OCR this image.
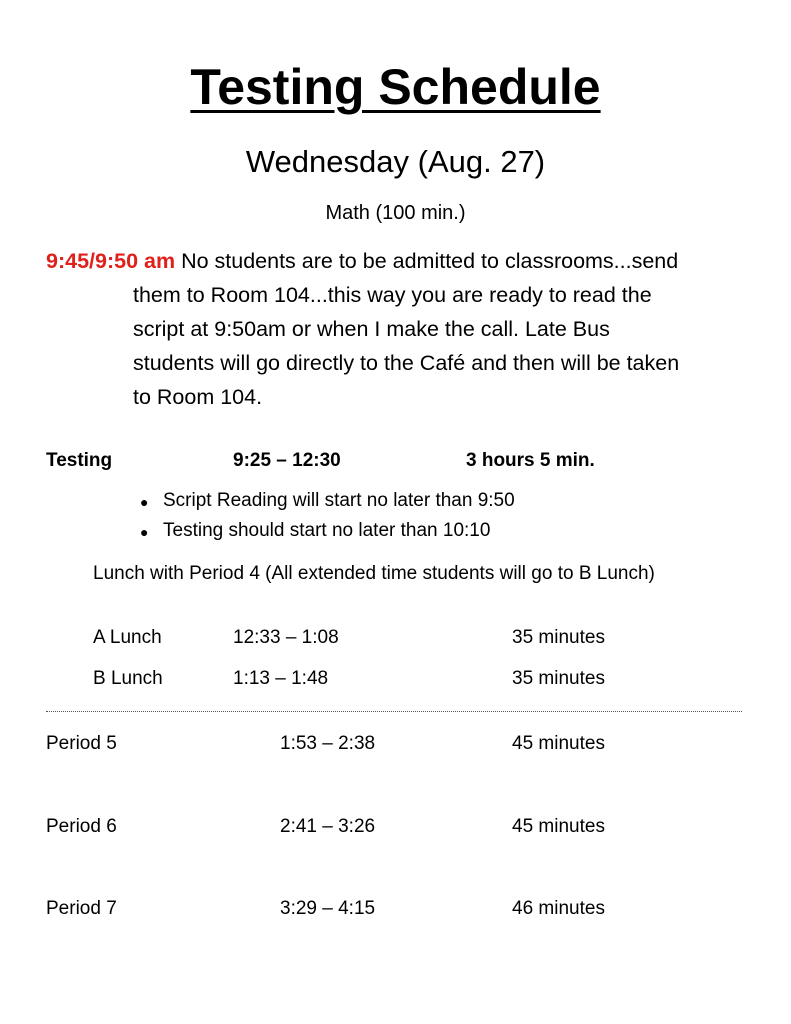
Testing Schedule
Wednesday (Aug. 27)
Math (100 min.)
9:45/9:50 am No students are to be admitted to classrooms...send
them to Room 104...this way you are ready to read the
script at 9:50am or when I make the call. Late Bus
students will go directly to the Café and then will be taken
to Room 104.
Testing	9:25 – 12:30	3 hours 5 min.
● Script Reading will start no later than 9:50
● Testing should start no later than 10:10
Lunch with Period 4 (All extended time students will go to B Lunch)
A Lunch	12:33 – 1:08	35 minutes
B Lunch	1:13 – 1:48	35 minutes
Period 5	1:53 – 2:38	45 minutes
Period 6	2:41 – 3:26	45 minutes
Period 7	3:29 – 4:15	46 minutes
